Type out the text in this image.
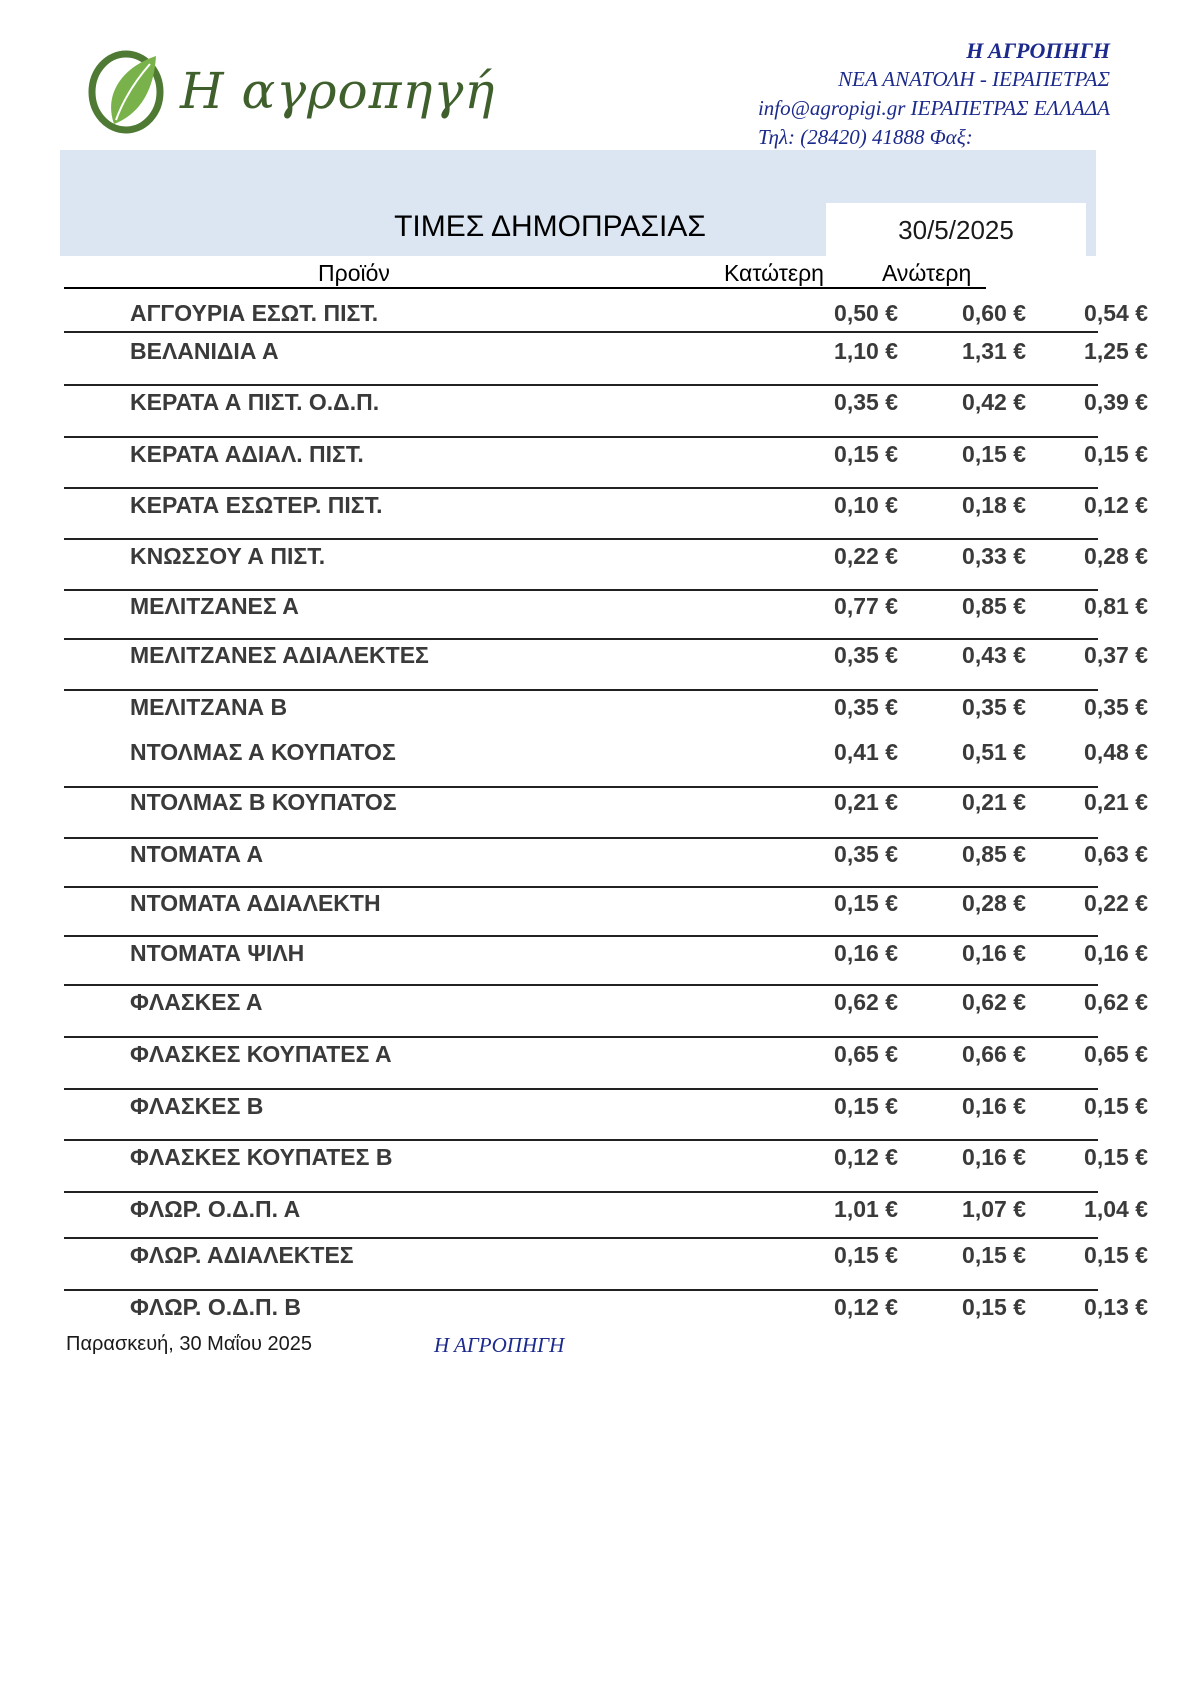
Η αγροπηγή
Η ΑΓΡΟΠΗΓΗ
ΝΕΑ ΑΝΑΤΟΛΗ - ΙΕΡΑΠΕΤΡΑΣ
info@agropigi.gr ΙΕΡΑΠΕΤΡΑΣ ΕΛΛΑΔΑ
Τηλ: (28420) 41888 Φαξ:
ΤΙΜΕΣ ΔΗΜΟΠΡΑΣΙΑΣ	30/5/2025
Προϊόν	Κατώτερη	Ανώτερη
ΑΓΓΟΥΡΙΑ ΕΣΩΤ. ΠΙΣΤ.	0,50 €	0,60 €	0,54 €
ΒΕΛΑΝΙΔΙΑ Α	1,10 €	1,31 €	1,25 €
ΚΕΡΑΤΑ Α ΠΙΣΤ. Ο.Δ.Π.	0,35 €	0,42 €	0,39 €
ΚΕΡΑΤΑ ΑΔΙΑΛ. ΠΙΣΤ.	0,15 €	0,15 €	0,15 €
ΚΕΡΑΤΑ ΕΣΩΤΕΡ. ΠΙΣΤ.	0,10 €	0,18 €	0,12 €
ΚΝΩΣΣΟΥ Α ΠΙΣΤ.	0,22 €	0,33 €	0,28 €
ΜΕΛΙΤΖΑΝΕΣ Α	0,77 €	0,85 €	0,81 €
ΜΕΛΙΤΖΑΝΕΣ ΑΔΙΑΛΕΚΤΕΣ	0,35 €	0,43 €	0,37 €
ΜΕΛΙΤΖΑΝΑ Β	0,35 €	0,35 €	0,35 €
ΝΤΟΛΜΑΣ Α ΚΟΥΠΑΤΟΣ	0,41 €	0,51 €	0,48 €
ΝΤΟΛΜΑΣ Β ΚΟΥΠΑΤΟΣ	0,21 €	0,21 €	0,21 €
ΝΤΟΜΑΤΑ Α	0,35 €	0,85 €	0,63 €
ΝΤΟΜΑΤΑ ΑΔΙΑΛΕΚΤΗ	0,15 €	0,28 €	0,22 €
ΝΤΟΜΑΤΑ ΨΙΛΗ	0,16 €	0,16 €	0,16 €
ΦΛΑΣΚΕΣ Α	0,62 €	0,62 €	0,62 €
ΦΛΑΣΚΕΣ ΚΟΥΠΑΤΕΣ Α	0,65 €	0,66 €	0,65 €
ΦΛΑΣΚΕΣ Β	0,15 €	0,16 €	0,15 €
ΦΛΑΣΚΕΣ ΚΟΥΠΑΤΕΣ Β	0,12 €	0,16 €	0,15 €
ΦΛΩΡ. Ο.Δ.Π. Α	1,01 €	1,07 €	1,04 €
ΦΛΩΡ. ΑΔΙΑΛΕΚΤΕΣ	0,15 €	0,15 €	0,15 €
ΦΛΩΡ. Ο.Δ.Π. Β	0,12 €	0,15 €	0,13 €
Παρασκευή, 30 Μαΐου 2025	Η ΑΓΡΟΠΗΓΗ
